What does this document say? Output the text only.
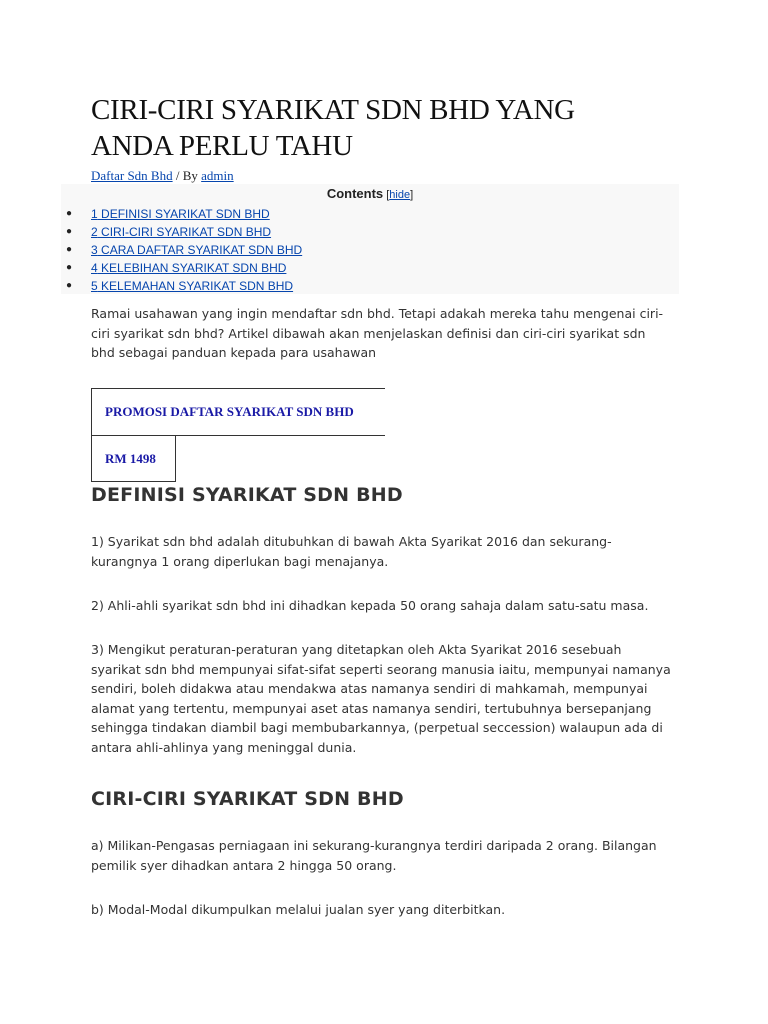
CIRI-CIRI SYARIKAT SDN BHD YANG ANDA PERLU TAHU
Daftar Sdn Bhd / By admin
Contents [hide]
● 1 DEFINISI SYARIKAT SDN BHD
● 2 CIRI-CIRI SYARIKAT SDN BHD
● 3 CARA DAFTAR SYARIKAT SDN BHD
● 4 KELEBIHAN SYARIKAT SDN BHD
● 5 KELEMAHAN SYARIKAT SDN BHD

Ramai usahawan yang ingin mendaftar sdn bhd. Tetapi adakah mereka tahu mengenai ciri-ciri syarikat sdn bhd? Artikel dibawah akan menjelaskan definisi dan ciri-ciri syarikat sdn bhd sebagai panduan kepada para usahawan

PROMOSI DAFTAR SYARIKAT SDN BHD
RM 1498
DEFINISI SYARIKAT SDN BHD

1) Syarikat sdn bhd adalah ditubuhkan di bawah Akta Syarikat 2016 dan sekurang-kurangnya 1 orang diperlukan bagi menajanya.

2) Ahli-ahli syarikat sdn bhd ini dihadkan kepada 50 orang sahaja dalam satu-satu masa.

3) Mengikut peraturan-peraturan yang ditetapkan oleh Akta Syarikat 2016 sesebuah syarikat sdn bhd mempunyai sifat-sifat seperti seorang manusia iaitu, mempunyai namanya sendiri, boleh didakwa atau mendakwa atas namanya sendiri di mahkamah, mempunyai alamat yang tertentu, mempunyai aset atas namanya sendiri, tertubuhnya bersepanjang sehingga tindakan diambil bagi membubarkannya, (perpetual seccession) walaupun ada di antara ahli-ahlinya yang meninggal dunia.

CIRI-CIRI SYARIKAT SDN BHD

a) Milikan-Pengasas perniagaan ini sekurang-kurangnya terdiri daripada 2 orang. Bilangan pemilik syer dihadkan antara 2 hingga 50 orang.

b) Modal-Modal dikumpulkan melalui jualan syer yang diterbitkan.
